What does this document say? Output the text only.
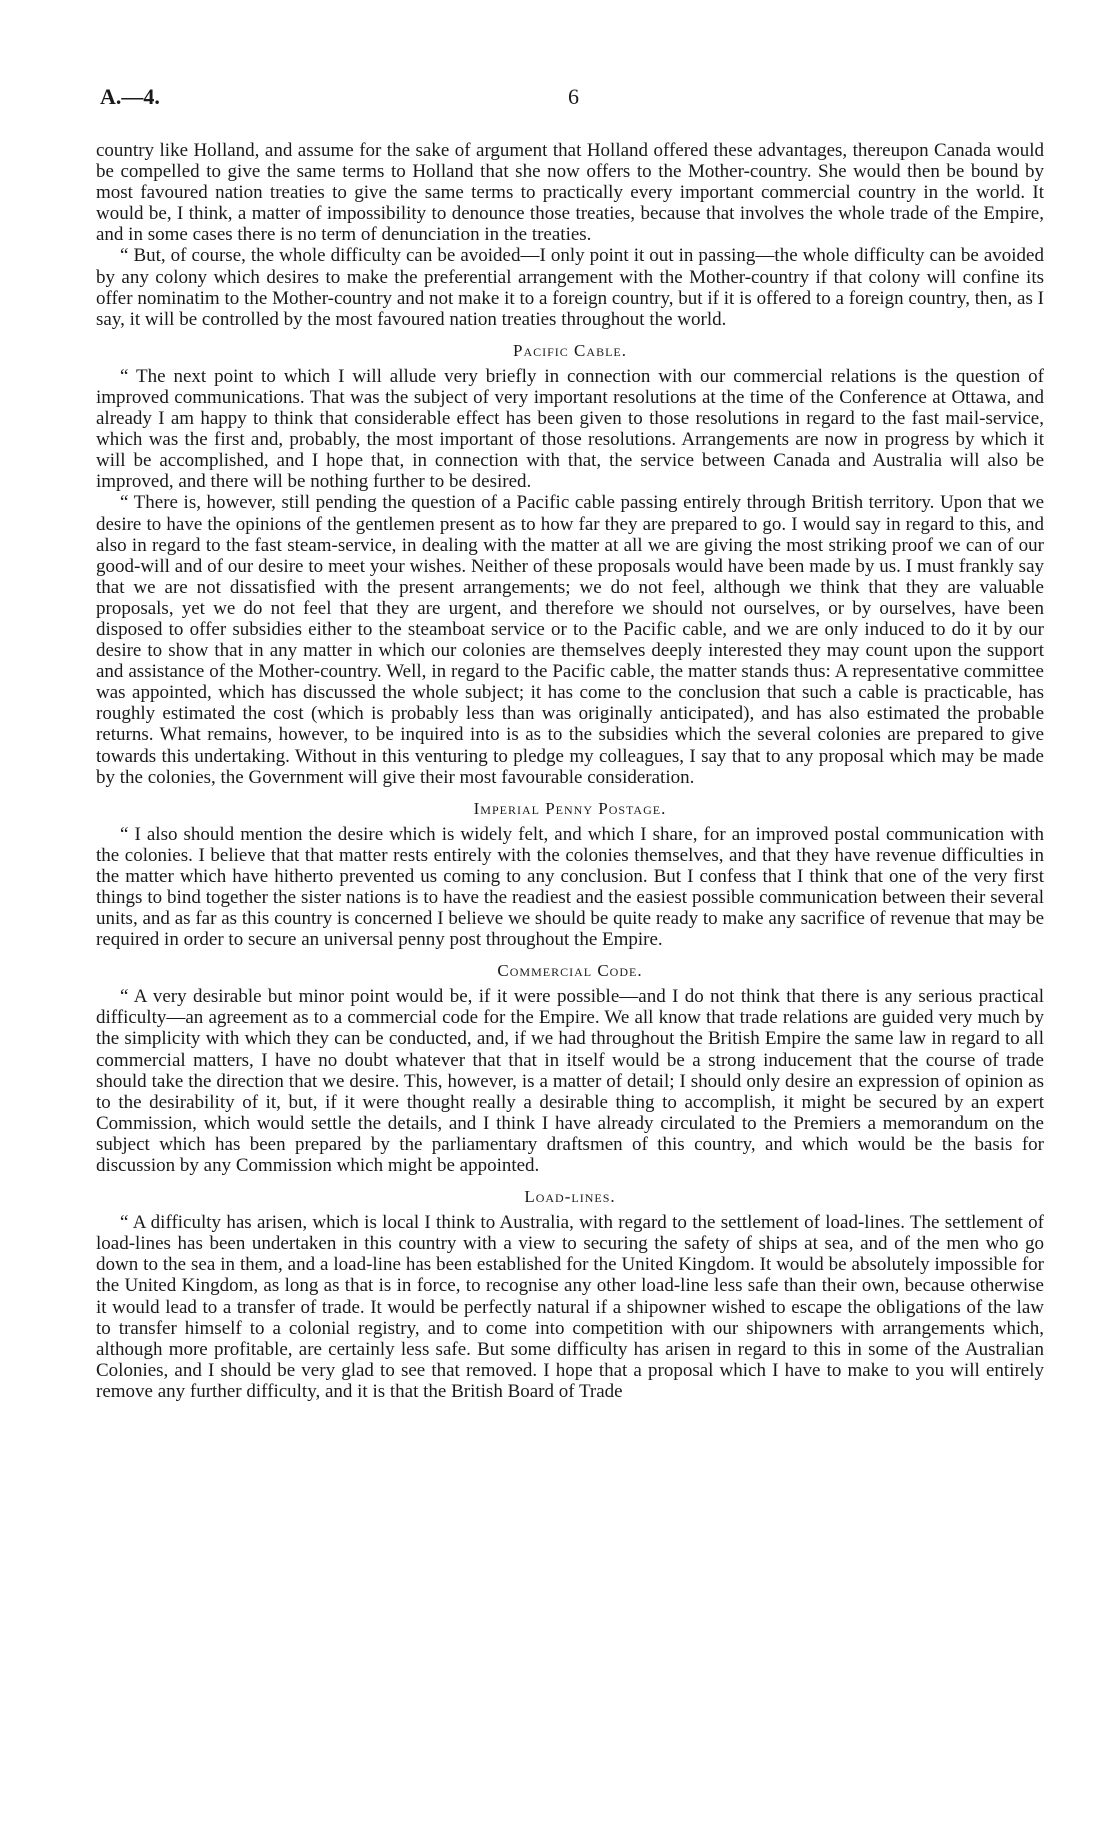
A.—4.	6

country like Holland, and assume for the sake of argument that Holland offered these advantages, thereupon Canada would be compelled to give the same terms to Holland that she now offers to the Mother-country. She would then be bound by most favoured nation treaties to give the same terms to practically every important commercial country in the world. It would be, I think, a matter of impossibility to denounce those treaties, because that involves the whole trade of the Empire, and in some cases there is no term of denunciation in the treaties.

“ But, of course, the whole difficulty can be avoided—I only point it out in passing—the whole difficulty can be avoided by any colony which desires to make the preferential arrangement with the Mother-country if that colony will confine its offer nominatim to the Mother-country and not make it to a foreign country, but if it is offered to a foreign country, then, as I say, it will be controlled by the most favoured nation treaties throughout the world.

Pacific Cable.

“ The next point to which I will allude very briefly in connection with our commercial relations is the question of improved communications. That was the subject of very important resolutions at the time of the Conference at Ottawa, and already I am happy to think that considerable effect has been given to those resolutions in regard to the fast mail-service, which was the first and, probably, the most important of those resolutions. Arrangements are now in progress by which it will be accomplished, and I hope that, in connection with that, the service between Canada and Australia will also be improved, and there will be nothing further to be desired.

“ There is, however, still pending the question of a Pacific cable passing entirely through British territory. Upon that we desire to have the opinions of the gentlemen present as to how far they are prepared to go. I would say in regard to this, and also in regard to the fast steam-service, in dealing with the matter at all we are giving the most striking proof we can of our good-will and of our desire to meet your wishes. Neither of these proposals would have been made by us. I must frankly say that we are not dissatisfied with the present arrangements; we do not feel, although we think that they are valuable proposals, yet we do not feel that they are urgent, and therefore we should not ourselves, or by ourselves, have been disposed to offer subsidies either to the steamboat service or to the Pacific cable, and we are only induced to do it by our desire to show that in any matter in which our colonies are themselves deeply interested they may count upon the support and assistance of the Mother-country. Well, in regard to the Pacific cable, the matter stands thus: A representative committee was appointed, which has discussed the whole subject; it has come to the conclusion that such a cable is practicable, has roughly estimated the cost (which is probably less than was originally anticipated), and has also estimated the probable returns. What remains, however, to be inquired into is as to the subsidies which the several colonies are prepared to give towards this undertaking. Without in this venturing to pledge my colleagues, I say that to any proposal which may be made by the colonies, the Government will give their most favourable consideration.

Imperial Penny Postage.

“ I also should mention the desire which is widely felt, and which I share, for an improved postal communication with the colonies. I believe that that matter rests entirely with the colonies themselves, and that they have revenue difficulties in the matter which have hitherto prevented us coming to any conclusion. But I confess that I think that one of the very first things to bind together the sister nations is to have the readiest and the easiest possible communication between their several units, and as far as this country is concerned I believe we should be quite ready to make any sacrifice of revenue that may be required in order to secure an universal penny post throughout the Empire.

Commercial Code.

“ A very desirable but minor point would be, if it were possible—and I do not think that there is any serious practical difficulty—an agreement as to a commercial code for the Empire. We all know that trade relations are guided very much by the simplicity with which they can be conducted, and, if we had throughout the British Empire the same law in regard to all commercial matters, I have no doubt whatever that that in itself would be a strong inducement that the course of trade should take the direction that we desire. This, however, is a matter of detail; I should only desire an expression of opinion as to the desirability of it, but, if it were thought really a desirable thing to accomplish, it might be secured by an expert Commission, which would settle the details, and I think I have already circulated to the Premiers a memorandum on the subject which has been prepared by the parliamentary draftsmen of this country, and which would be the basis for discussion by any Commission which might be appointed.

Load-lines.

“ A difficulty has arisen, which is local I think to Australia, with regard to the settlement of load-lines. The settlement of load-lines has been undertaken in this country with a view to securing the safety of ships at sea, and of the men who go down to the sea in them, and a load-line has been established for the United Kingdom. It would be absolutely impossible for the United Kingdom, as long as that is in force, to recognise any other load-line less safe than their own, because otherwise it would lead to a transfer of trade. It would be perfectly natural if a shipowner wished to escape the obligations of the law to transfer himself to a colonial registry, and to come into competition with our shipowners with arrangements which, although more profitable, are certainly less safe. But some difficulty has arisen in regard to this in some of the Australian Colonies, and I should be very glad to see that removed. I hope that a proposal which I have to make to you will entirely remove any further difficulty, and it is that the British Board of Trade
